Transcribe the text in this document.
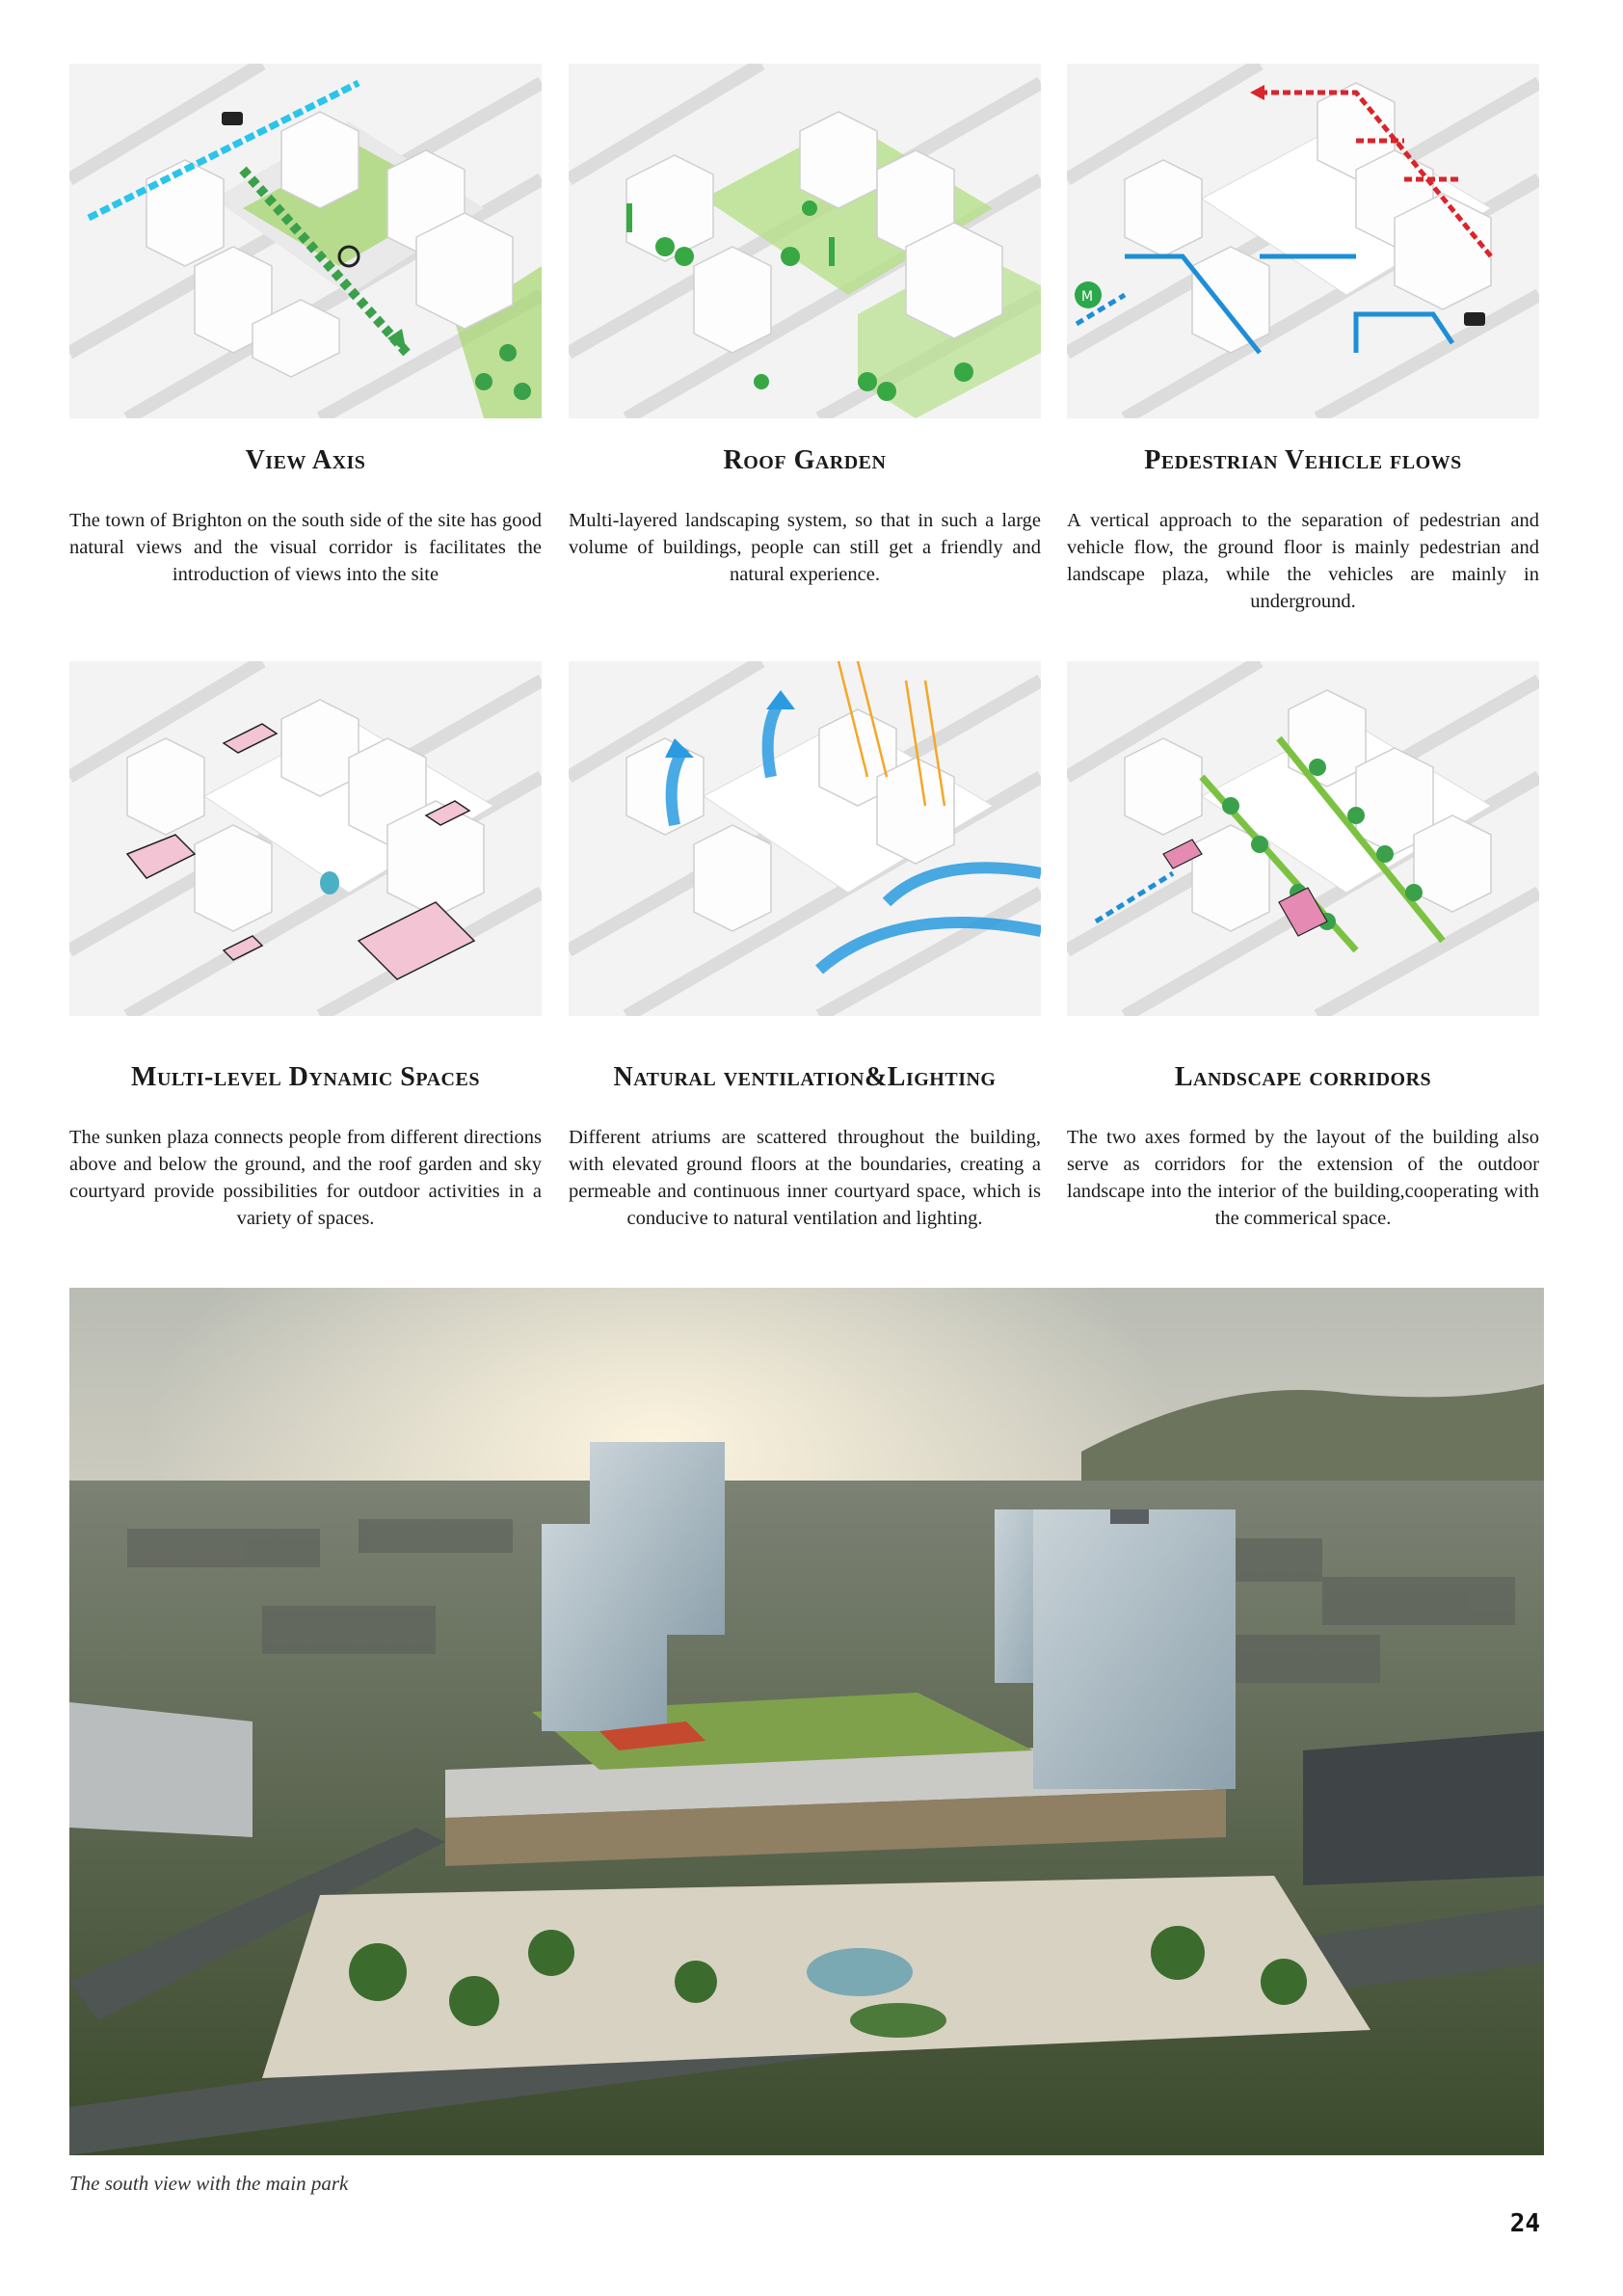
View Axis
The town of Brighton on the south side of the site has good natural views and the visual corridor is facilitates the introduction of views into the site
Roof Garden
Multi-layered landscaping system, so that in such a large volume of buildings, people can still get a friendly and natural experience.
M
Pedestrian Vehicle flows
A vertical approach to the separation of pedestrian and vehicle flow, the ground floor is mainly pedestrian and landscape plaza, while the vehicles are mainly in underground.
Multi-level Dynamic Spaces
The sunken plaza connects people from different directions above and below the ground, and the roof garden and sky courtyard provide possibilities for outdoor activities in a variety of spaces.
Natural ventilation&Lighting
Different atriums are scattered throughout the building, with elevated ground floors at the boundaries, creating a permeable and continuous inner courtyard space, which is conducive to natural ventilation and lighting.
Landscape corridors
The two axes formed by the layout of the building also serve as corridors for the extension of the outdoor landscape into the interior of the building,cooperating with the commerical space.
The south view with the main park
24
